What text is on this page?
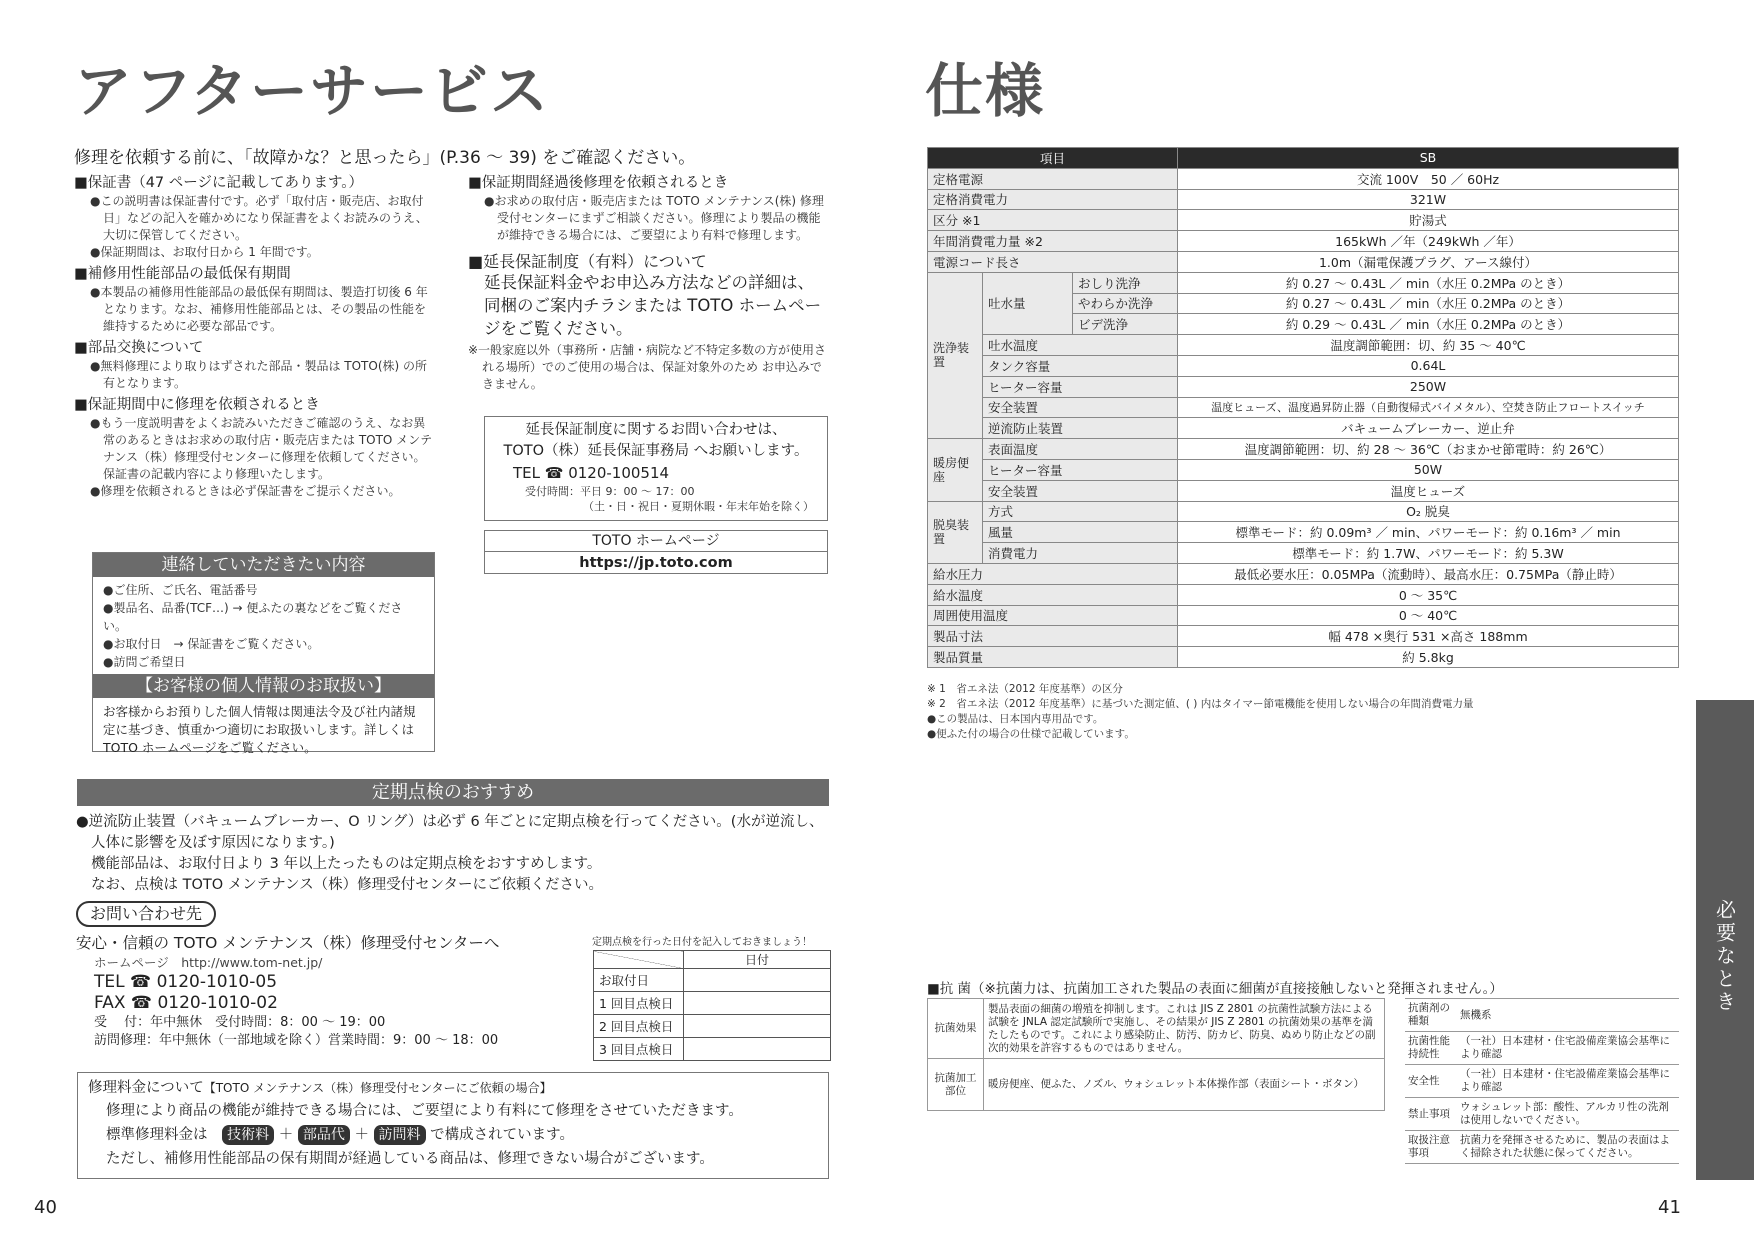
アフターサービス
修理を依頼する前に、「故障かな？と思ったら」(P.36 ～ 39) をご確認ください。
■保証書（47 ページに記載してあります。）
●この説明書は保証書付です。必ず「取付店・販売店、お取付日」などの記入を確かめになり保証書をよくお読みのうえ、大切に保管してください。
●保証期間は、お取付日から 1 年間です。
■補修用性能部品の最低保有期間
●本製品の補修用性能部品の最低保有期間は、製造打切後 6 年となります。なお、補修用性能部品とは、その製品の性能を維持するために必要な部品です。
■部品交換について
●無料修理により取りはずされた部品・製品は TOTO(株) の所有となります。
■保証期間中に修理を依頼されるとき
●もう一度説明書をよくお読みいただきご確認のうえ、なお異常のあるときはお求めの取付店・販売店または TOTO メンテナンス（株）修理受付センターに修理を依頼してください。保証書の記載内容により修理いたします。
●修理を依頼されるときは必ず保証書をご提示ください。
連絡していただきたい内容
●ご住所、ご氏名、電話番号
●製品名、品番(TCF…) → 便ふたの裏などをご覧ください。
●お取付日　→ 保証書をご覧ください。
●訪問ご希望日
【お客様の個人情報のお取扱い】
お客様からお預りした個人情報は関連法令及び社内諸規定に基づき、慎重かつ適切にお取扱いします。詳しくは TOTO ホームページをご覧ください。
■保証期間経過後修理を依頼されるとき
●お求めの取付店・販売店または TOTO メンテナンス(株) 修理受付センターにまずご相談ください。修理により製品の機能が維持できる場合には、ご要望により有料で修理します。
■延長保証制度（有料）について
延長保証料金やお申込み方法などの詳細は、同梱のご案内チラシまたは TOTO ホームページをご覧ください。
※一般家庭以外（事務所・店舗・病院など不特定多数の方が使用される場所）でのご使用の場合は、保証対象外のため お申込みできません。
延長保証制度に関するお問い合わせは、
TOTO（株）延長保証事務局 へお願いします。
TEL ☎ 0120-100514
受付時間：平日 9：00 ～ 17：00
（土・日・祝日・夏期休暇・年末年始を除く）
TOTO ホームページ
https://jp.toto.com
定期点検のおすすめ
●逆流防止装置（バキュームブレーカー、O リング）は必ず 6 年ごとに定期点検を行ってください。(水が逆流し、
人体に影響を及ぼす原因になります。)
機能部品は、お取付日より 3 年以上たったものは定期点検をおすすめします。
なお、点検は TOTO メンテナンス（株）修理受付センターにご依頼ください。
お問い合わせ先
安心・信頼の TOTO メンテナンス（株）修理受付センターへ
ホームページ　http://www.tom-net.jp/
TEL ☎ 0120-1010-05
FAX ☎ 0120-1010-02
受　 付：年中無休　受付時間：8：00 ～ 19：00
訪問修理：年中無休（一部地域を除く）営業時間：9：00 ～ 18：00
定期点検を行った日付を記入しておきましょう！
	日付
お取付日	
1 回目点検日	
2 回目点検日	
3 回目点検日	
修理料金について【TOTO メンテナンス（株）修理受付センターにご依頼の場合】
修理により商品の機能が維持できる場合には、ご要望により有料にて修理をさせていただきます。
標準修理料金は 技術料 ＋ 部品代 ＋ 訪問料 で構成されています。
ただし、補修用性能部品の保有期間が経過している商品は、修理できない場合がございます。
40
仕様
項目			SB
定格電源			交流 100V　50 ／ 60Hz
定格消費電力			321W
区分 ※1			貯湯式
年間消費電力量 ※2			165kWh ／年（249kWh ／年）
電源コード長さ			1.0m（漏電保護プラグ、アース線付）
洗浄装置	吐水量	おしり洗浄	約 0.27 ～ 0.43L ／ min（水圧 0.2MPa のとき）
		やわらか洗浄	約 0.27 ～ 0.43L ／ min（水圧 0.2MPa のとき）
		ビデ洗浄	約 0.29 ～ 0.43L ／ min（水圧 0.2MPa のとき）
	吐水温度		温度調節範囲：切、約 35 ～ 40℃
	タンク容量		0.64L
	ヒーター容量		250W
	安全装置		温度ヒューズ、温度過昇防止器（自動復帰式バイメタル）、空焚き防止フロートスイッチ
	逆流防止装置		バキュームブレーカー、逆止弁
暖房便座	表面温度		温度調節範囲：切、約 28 ～ 36℃（おまかせ節電時：約 26℃）
	ヒーター容量		50W
	安全装置		温度ヒューズ
脱臭装置	方式		O₂ 脱臭
	風量		標準モード：約 0.09m³ ／ min、パワーモード：約 0.16m³ ／ min
	消費電力		標準モード：約 1.7W、パワーモード：約 5.3W
給水圧力			最低必要水圧：0.05MPa（流動時）、最高水圧：0.75MPa（静止時）
給水温度			0 ～ 35℃
周囲使用温度			0 ～ 40℃
製品寸法			幅 478 ×奥行 531 ×高さ 188mm
製品質量			約 5.8kg
※ 1　省エネ法（2012 年度基準）の区分
※ 2　省エネ法（2012 年度基準）に基づいた測定値、( ) 内はタイマー節電機能を使用しない場合の年間消費電力量
●この製品は、日本国内専用品です。
●便ふた付の場合の仕様で記載しています。
■抗 菌（※抗菌力は、抗菌加工された製品の表面に細菌が直接接触しないと発揮されません。）
抗菌効果	製品表面の細菌の増殖を抑制します。これは JIS Z 2801 の抗菌性試験方法による試験を JNLA 認定試験所で実施し、その結果が JIS Z 2801 の抗菌効果の基準を満たしたものです。これにより感染防止、防汚、防カビ、防臭、ぬめり防止などの副次的効果を許容するものではありません。
抗菌加工部位	暖房便座、便ふた、ノズル、ウォシュレット本体操作部（表面シート・ボタン）
抗菌剤の種類	無機系
抗菌性能持続性	（一社）日本建材・住宅設備産業協会基準により確認
安全性	（一社）日本建材・住宅設備産業協会基準により確認
禁止事項	ウォシュレット部：酸性、アルカリ性の洗剤は使用しないでください。
取扱注意事項	抗菌力を発揮させるために、製品の表面はよく掃除された状態に保ってください。
必要なとき
41
